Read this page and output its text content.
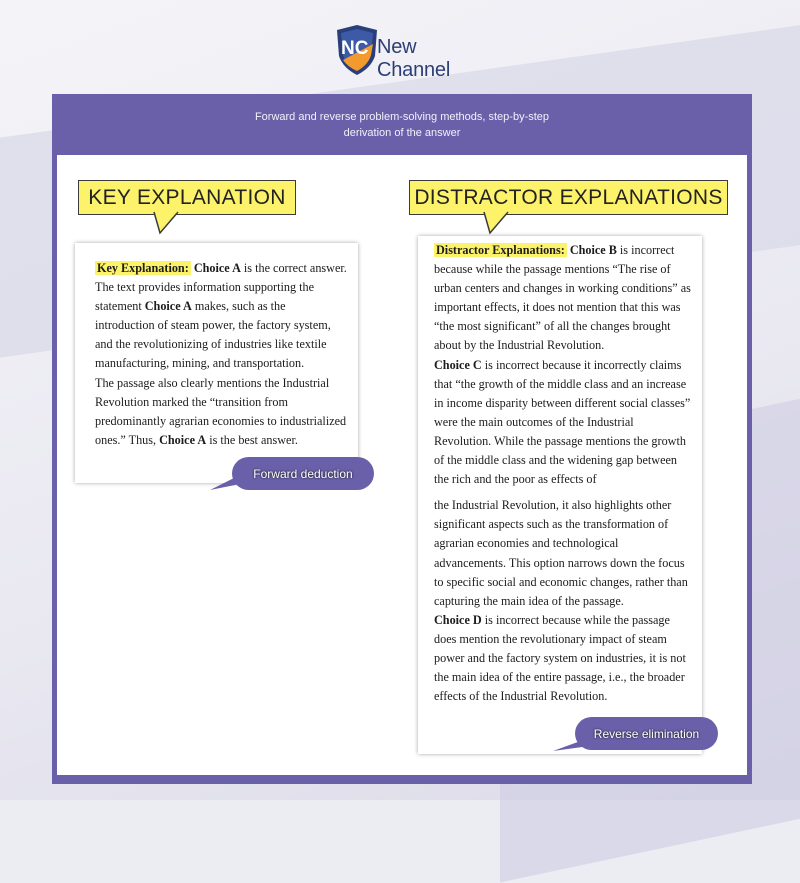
NC New Channel
Forward and reverse problem-solving methods, step-by-step derivation of the answer
KEY EXPLANATION	DISTRACTOR EXPLANATIONS

Key Explanation: Choice A is the correct answer. The text provides information supporting the statement Choice A makes, such as the introduction of steam power, the factory system, and the revolutionizing of industries like textile manufacturing, mining, and transportation.

The passage also clearly mentions the Industrial Revolution marked the “transition from predominantly agrarian economies to industrialized ones.” Thus, Choice A is the best answer.

Forward deduction

Distractor Explanations: Choice B is incorrect because while the passage mentions “The rise of urban centers and changes in working conditions” as important effects, it does not mention that this was “the most significant” of all the changes brought about by the Industrial Revolution.

Choice C is incorrect because it incorrectly claims that “the growth of the middle class and an increase in income disparity between different social classes” were the main outcomes of the Industrial Revolution. While the passage mentions the growth of the middle class and the widening gap between the rich and the poor as effects of

the Industrial Revolution, it also highlights other significant aspects such as the transformation of agrarian economies and technological advancements. This option narrows down the focus to specific social and economic changes, rather than capturing the main idea of the passage.

Choice D is incorrect because while the passage does mention the revolutionary impact of steam power and the factory system on industries, it is not the main idea of the entire passage, i.e., the broader effects of the Industrial Revolution.

Reverse elimination
